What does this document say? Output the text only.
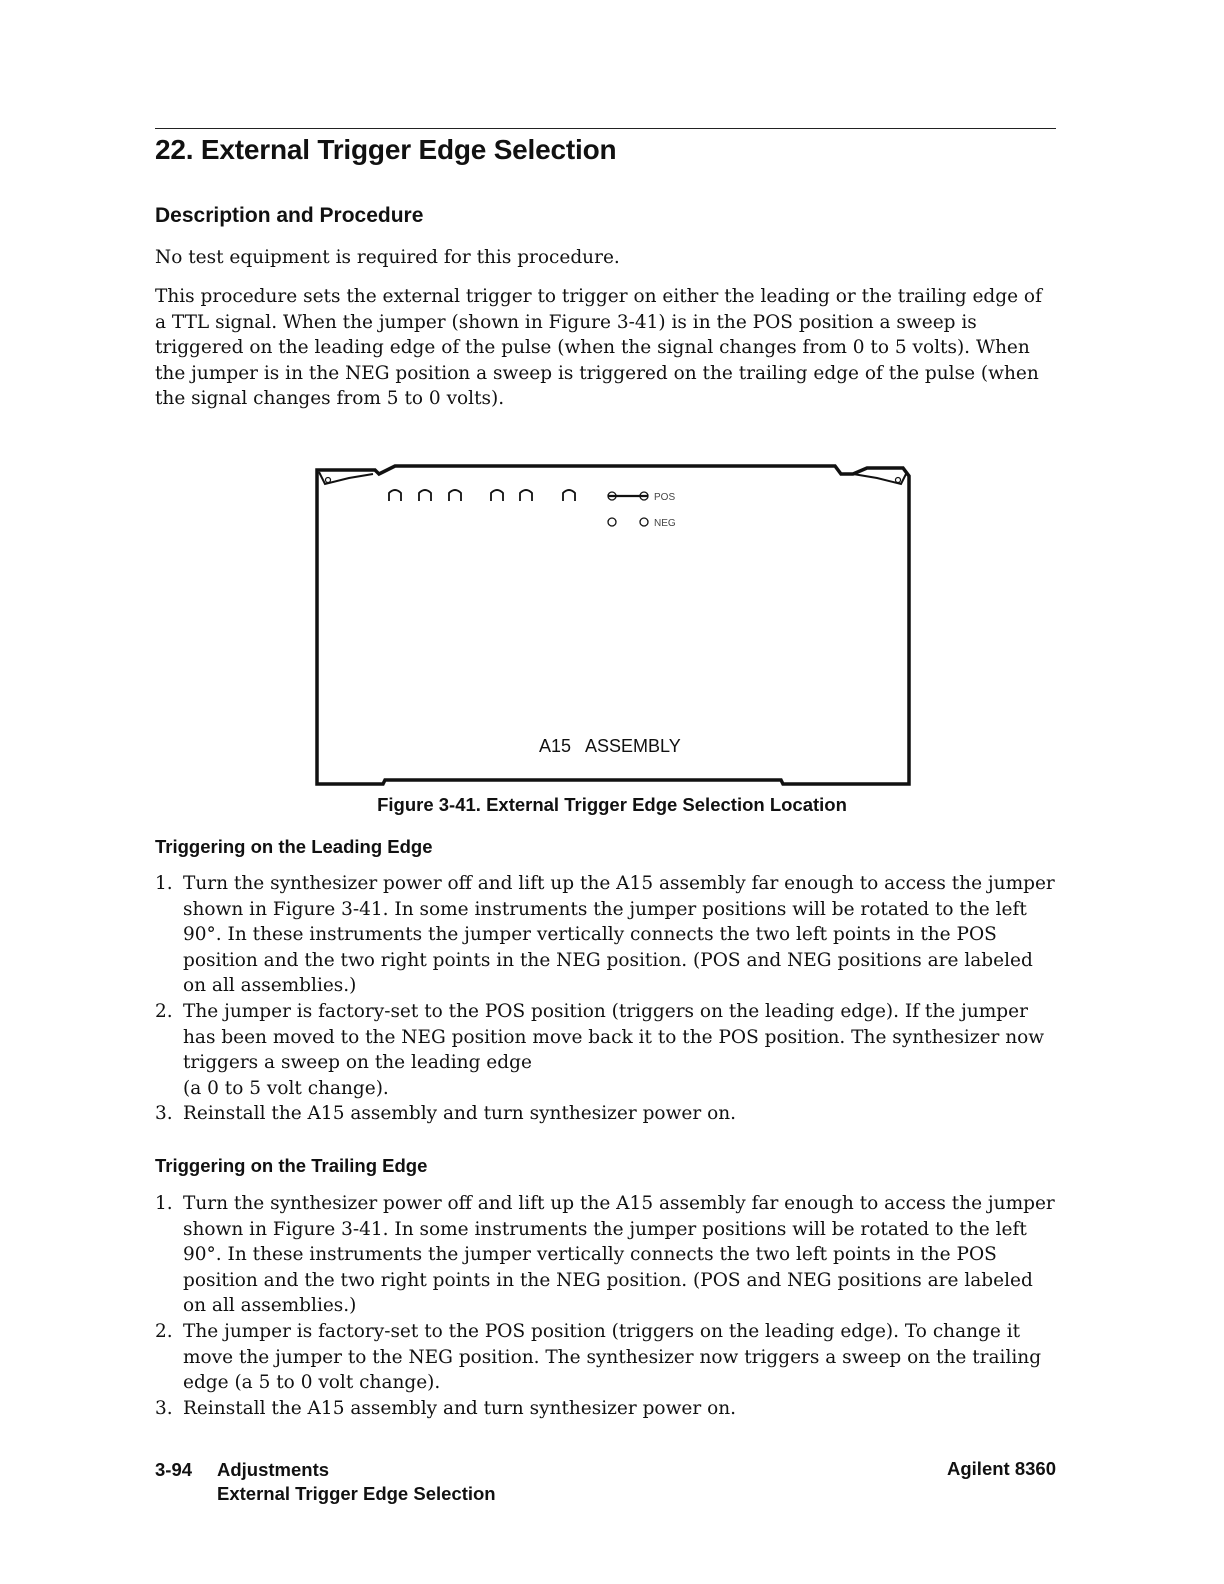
22. External Trigger Edge Selection
Description and Procedure

No test equipment is required for this procedure.

This procedure sets the external trigger to trigger on either the leading or the trailing edge of a TTL signal. When the jumper (shown in Figure 3-41) is in the POS position a sweep is triggered on the leading edge of the pulse (when the signal changes from 0 to 5 volts). When the jumper is in the NEG position a sweep is triggered on the trailing edge of the pulse (when the signal changes from 5 to 0 volts).

POS
NEG
A15   ASSEMBLY

Figure 3-41. External Trigger Edge Selection Location

Triggering on the Leading Edge
1. Turn the synthesizer power off and lift up the A15 assembly far enough to access the jumper shown in Figure 3-41. In some instruments the jumper positions will be rotated to the left 90°. In these instruments the jumper vertically connects the two left points in the POS position and the two right points in the NEG position. (POS and NEG positions are labeled on all assemblies.)
2. The jumper is factory-set to the POS position (triggers on the leading edge). If the jumper has been moved to the NEG position move back it to the POS position. The synthesizer now triggers a sweep on the leading edge
(a 0 to 5 volt change).
3. Reinstall the A15 assembly and turn synthesizer power on.
Triggering on the Trailing Edge
1. Turn the synthesizer power off and lift up the A15 assembly far enough to access the jumper shown in Figure 3-41. In some instruments the jumper positions will be rotated to the left 90°. In these instruments the jumper vertically connects the two left points in the POS position and the two right points in the NEG position. (POS and NEG positions are labeled on all assemblies.)
2. The jumper is factory-set to the POS position (triggers on the leading edge). To change it move the jumper to the NEG position. The synthesizer now triggers a sweep on the trailing edge (a 5 to 0 volt change).
3. Reinstall the A15 assembly and turn synthesizer power on.
3-94 Adjustments
External Trigger Edge Selection
Agilent 8360
